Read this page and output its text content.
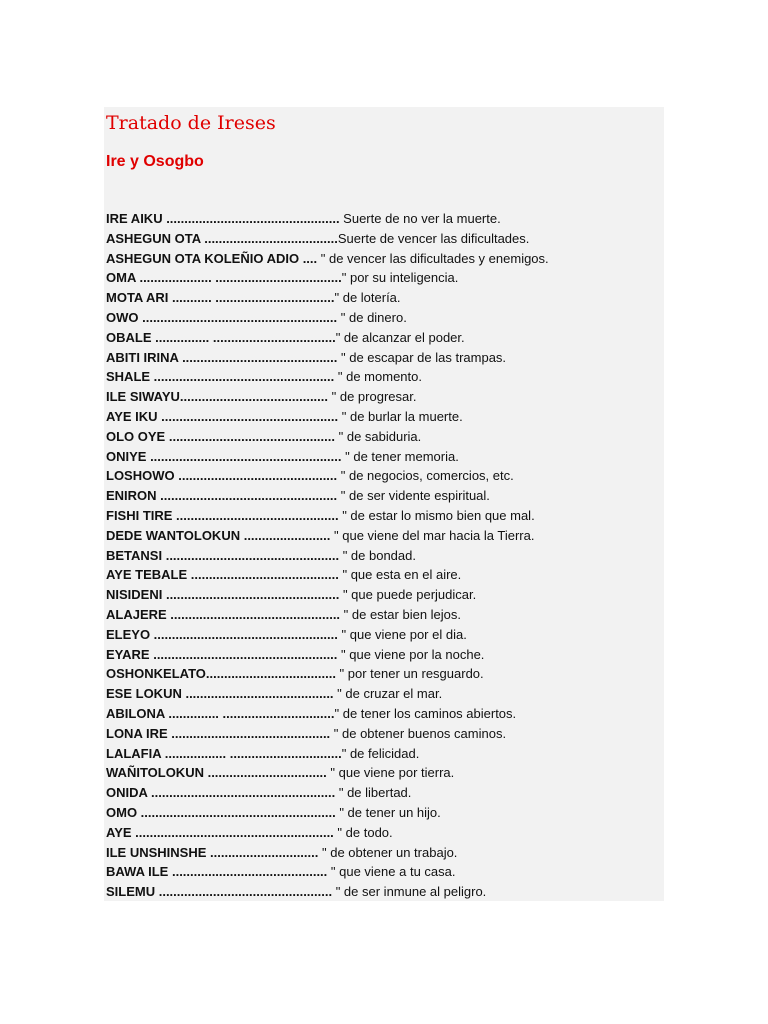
Tratado de Ireses
Ire y Osogbo
IRE AIKU ................................................ Suerte de no ver la muerte.
ASHEGUN OTA .....................................Suerte de vencer las dificultades.
ASHEGUN OTA KOLEÑIO ADIO .... " de vencer las dificultades y enemigos.
OMA .................... ..................................." por su inteligencia.
MOTA ARI ........... ................................." de lotería.
OWO ...................................................... " de dinero.
OBALE ............... .................................." de alcanzar el poder.
ABITI IRINA ........................................... " de escapar de las trampas.
SHALE .................................................. " de momento.
ILE SIWAYU......................................... " de progresar.
AYE IKU ................................................. " de burlar la muerte.
OLO OYE .............................................. " de sabiduria.
ONIYE ..................................................... " de tener memoria.
LOSHOWO ............................................ " de negocios, comercios, etc.
ENIRON ................................................. " de ser vidente espiritual.
FISHI TIRE ............................................. " de estar lo mismo bien que mal.
DEDE WANTOLOKUN ........................ " que viene del mar hacia la Tierra.
BETANSI ................................................ " de bondad.
AYE TEBALE ......................................... " que esta en el aire.
NISIDENI ................................................ " que puede perjudicar.
ALAJERE ............................................... " de estar bien lejos.
ELEYO ................................................... " que viene por el dia.
EYARE ................................................... " que viene por la noche.
OSHONKELATO.................................... " por tener un resguardo.
ESE LOKUN ......................................... " de cruzar el mar.
ABILONA .............. ..............................." de tener los caminos abiertos.
LONA IRE ............................................ " de obtener buenos caminos.
LALAFIA ................. ..............................." de felicidad.
WAÑITOLOKUN ................................. " que viene por tierra.
ONIDA ................................................... " de libertad.
OMO ...................................................... " de tener un hijo.
AYE ....................................................... " de todo.
ILE UNSHINSHE .............................. " de obtener un trabajo.
BAWA ILE ........................................... " que viene a tu casa.
SILEMU ................................................ " de ser inmune al peligro.
